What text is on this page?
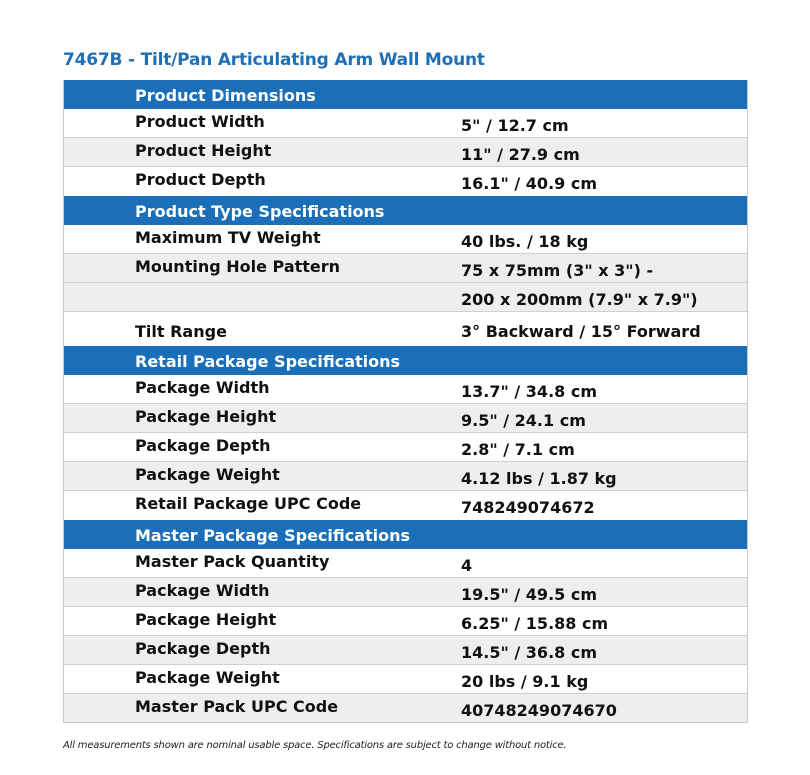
7467B - Tilt/Pan Articulating Arm Wall Mount
Product Dimensions
Product Width	5" / 12.7 cm
Product Height	11" / 27.9 cm
Product Depth	16.1" / 40.9 cm
Product Type Specifications
Maximum TV Weight	40 lbs. / 18 kg
Mounting Hole Pattern	75 x 75mm (3" x 3") -
200 x 200mm (7.9" x 7.9")
Tilt Range	3° Backward / 15° Forward
Retail Package Specifications
Package Width	13.7" / 34.8 cm
Package Height	9.5" / 24.1 cm
Package Depth	2.8" / 7.1 cm
Package Weight	4.12 lbs / 1.87 kg
Retail Package UPC Code	748249074672
Master Package Specifications
Master Pack Quantity	4
Package Width	19.5" / 49.5 cm
Package Height	6.25" / 15.88 cm
Package Depth	14.5" / 36.8 cm
Package Weight	20 lbs / 9.1 kg
Master Pack UPC Code	40748249074670
All measurements shown are nominal usable space. Specifications are subject to change without notice.
